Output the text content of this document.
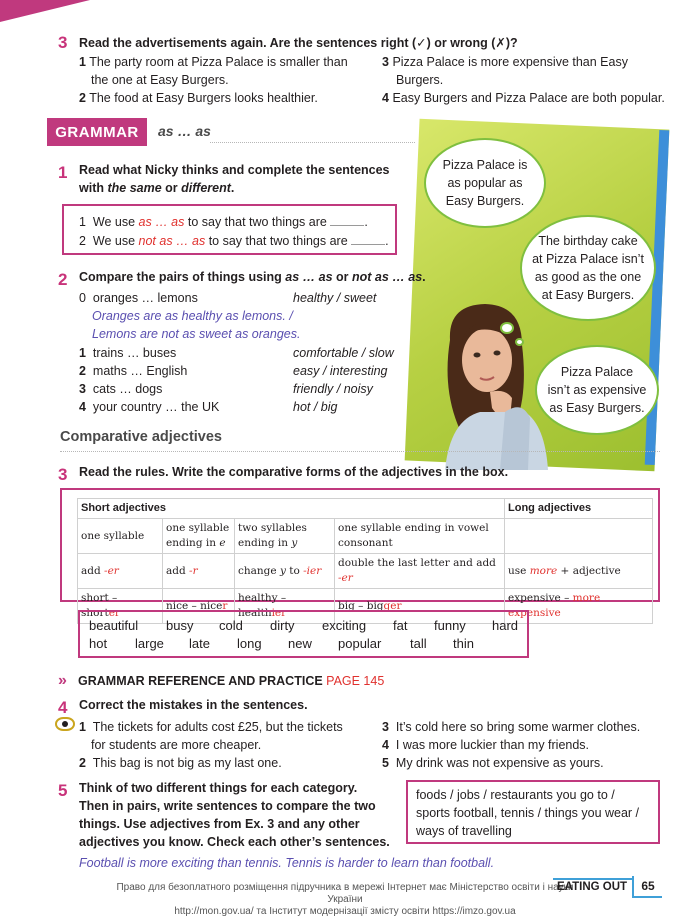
3 Read the advertisements again. Are the sentences right (✓) or wrong (✗)?
1 The party room at Pizza Palace is smaller than
the one at Easy Burgers.
2 The food at Easy Burgers looks healthier.
3 Pizza Palace is more expensive than Easy
Burgers.
4 Easy Burgers and Pizza Palace are both popular.
GRAMMAR	as … as
Pizza Palace is
as popular as
Easy Burgers.
The birthday cake
at Pizza Palace isn’t
as good as the one
at Easy Burgers.
Pizza Palace
isn’t as expensive
as Easy Burgers.
1 Read what Nicky thinks and complete the sentences
with the same or different.
1 We use as … as to say that two things are	.
2 We use not as … as to say that two things are	.
2 Compare the pairs of things using as … as or not as … as.
0 oranges … lemons	healthy / sweet
Oranges are as healthy as lemons. /
Lemons are not as sweet as oranges.
1 trains … buses	comfortable / slow
2 maths … English	easy / interesting
3 cats … dogs	friendly / noisy
4 your country … the UK	hot / big
Comparative adjectives
3 Read the rules. Write the comparative forms of the adjectives in the box.
Short adjectives				Long adjectives
one syllable	one syllable ending in e	two syllables ending in y	one syllable ending in vowel consonant	
add -er	add -r	change y to -ier	double the last letter and add -er	use more + adjective
short – shorter	nice – nicer	healthy – healthier	big – bigger	expensive – more expensive
beautiful busy cold dirty exciting fat funny hard
hot large late long new popular tall thin
» GRAMMAR REFERENCE AND PRACTICE PAGE 145
4 Correct the mistakes in the sentences.
1 The tickets for adults cost £25, but the tickets
for students are more cheaper.
2 This bag is not big as my last one.
3 It’s cold here so bring some warmer clothes.
4 I was more luckier than my friends.
5 My drink was not expensive as yours.
5 Think of two different things for each category.
Then in pairs, write sentences to compare the two
things. Use adjectives from Ex. 3 and any other
adjectives you know. Check each other’s sentences.
foods / jobs / restaurants you go to /
sports football, tennis / things you wear /
ways of travelling
Football is more exciting than tennis. Tennis is harder to learn than football.
Право для безоплатного розміщення підручника в мережі Інтернет має Міністерство освіти і науки України
http://mon.gov.ua/ та Інститут модернізації змісту освіти https://imzo.gov.ua
EATING OUT	65
